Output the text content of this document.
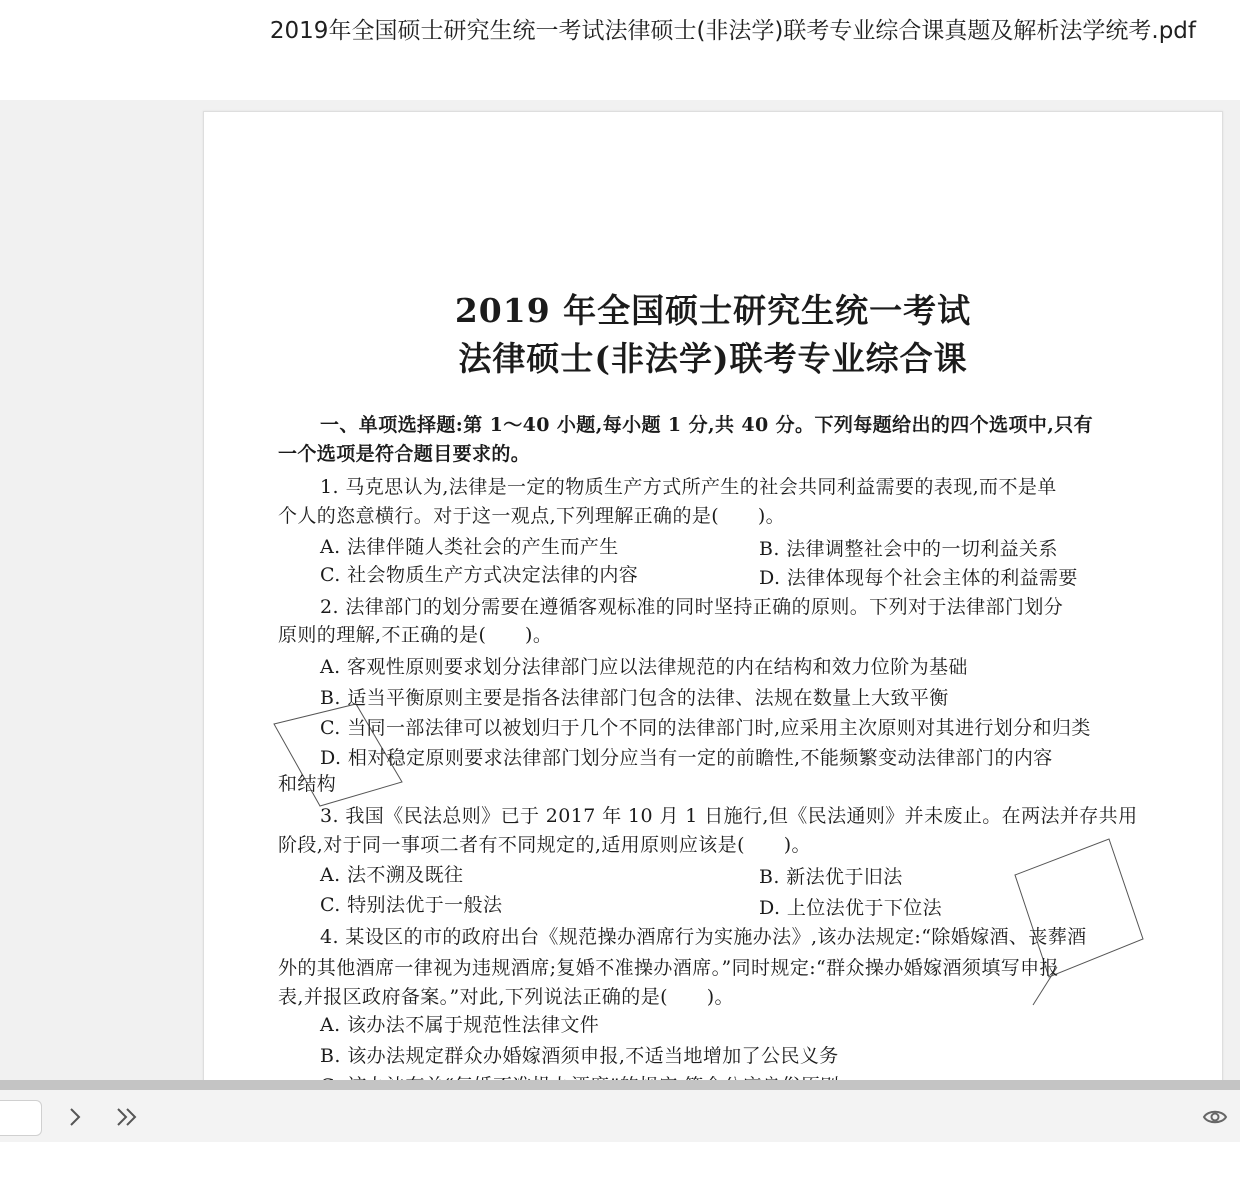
2019年全国硕士研究生统一考试法律硕士(非法学)联考专业综合课真题及解析法学统考.pdf
2019 年全国硕士研究生统一考试
法律硕士(非法学)联考专业综合课
一、单项选择题:第 1～40 小题,每小题 1 分,共 40 分。下列每题给出的四个选项中,只有
一个选项是符合题目要求的。
1. 马克思认为,法律是一定的物质生产方式所产生的社会共同利益需要的表现,而不是单
个人的恣意横行。对于这一观点,下列理解正确的是(　　)。
A. 法律伴随人类社会的产生而产生	B. 法律调整社会中的一切利益关系
C. 社会物质生产方式决定法律的内容	D. 法律体现每个社会主体的利益需要
2. 法律部门的划分需要在遵循客观标准的同时坚持正确的原则。下列对于法律部门划分
原则的理解,不正确的是(　　)。
A. 客观性原则要求划分法律部门应以法律规范的内在结构和效力位阶为基础
B. 适当平衡原则主要是指各法律部门包含的法律、法规在数量上大致平衡
C. 当同一部法律可以被划归于几个不同的法律部门时,应采用主次原则对其进行划分和归类
D. 相对稳定原则要求法律部门划分应当有一定的前瞻性,不能频繁变动法律部门的内容
和结构
3. 我国《民法总则》已于 2017 年 10 月 1 日施行,但《民法通则》并未废止。在两法并存共用
阶段,对于同一事项二者有不同规定的,适用原则应该是(　　)。
A. 法不溯及既往	B. 新法优于旧法
C. 特别法优于一般法	D. 上位法优于下位法
4. 某设区的市的政府出台《规范操办酒席行为实施办法》,该办法规定:“除婚嫁酒、丧葬酒
外的其他酒席一律视为违规酒席;复婚不准操办酒席。”同时规定:“群众操办婚嫁酒须填写申报
表,并报区政府备案。”对此,下列说法正确的是(　　)。
A. 该办法不属于规范性法律文件
B. 该办法规定群众办婚嫁酒须申报,不适当地增加了公民义务
